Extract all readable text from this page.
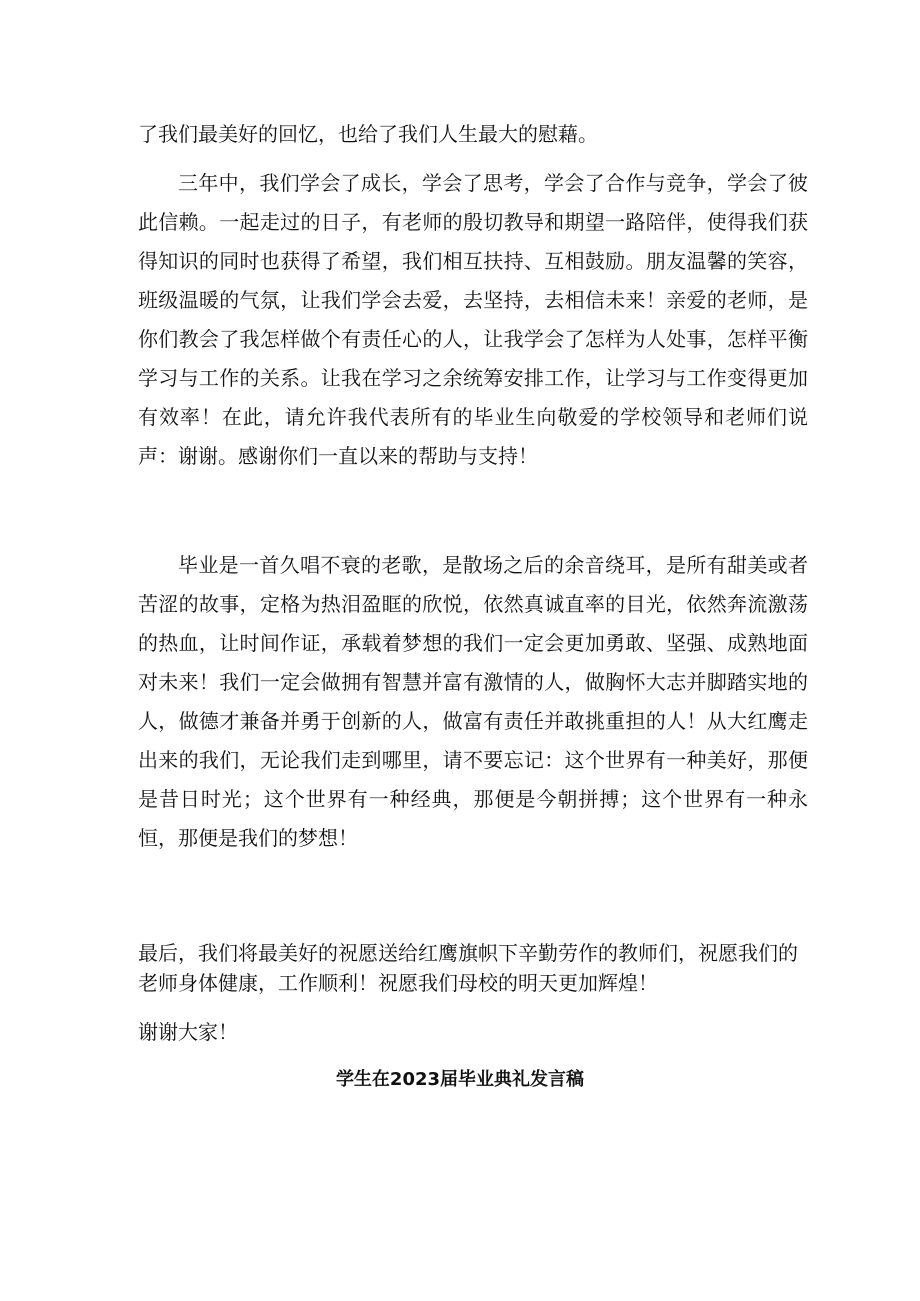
了我们最美好的回忆，也给了我们人生最大的慰藉。

三年中，我们学会了成长，学会了思考，学会了合作与竞争，学会了彼此信赖。一起走过的日子，有老师的殷切教导和期望一路陪伴，使得我们获得知识的同时也获得了希望，我们相互扶持、互相鼓励。朋友温馨的笑容，班级温暖的气氛，让我们学会去爱，去坚持，去相信未来！亲爱的老师，是你们教会了我怎样做个有责任心的人，让我学会了怎样为人处事，怎样平衡学习与工作的关系。让我在学习之余统筹安排工作，让学习与工作变得更加有效率！在此，请允许我代表所有的毕业生向敬爱的学校领导和老师们说声：谢谢。感谢你们一直以来的帮助与支持！

毕业是一首久唱不衰的老歌，是散场之后的余音绕耳，是所有甜美或者苦涩的故事，定格为热泪盈眶的欣悦，依然真诚直率的目光，依然奔流激荡的热血，让时间作证，承载着梦想的我们一定会更加勇敢、坚强、成熟地面对未来！我们一定会做拥有智慧并富有激情的人，做胸怀大志并脚踏实地的人，做德才兼备并勇于创新的人，做富有责任并敢挑重担的人！从大红鹰走出来的我们，无论我们走到哪里，请不要忘记：这个世界有一种美好，那便是昔日时光；这个世界有一种经典，那便是今朝拼搏；这个世界有一种永恒，那便是我们的梦想！

最后，我们将最美好的祝愿送给红鹰旗帜下辛勤劳作的教师们，祝愿我们的老师身体健康，工作顺利！祝愿我们母校的明天更加辉煌！

谢谢大家！

学生在2023届毕业典礼发言稿
